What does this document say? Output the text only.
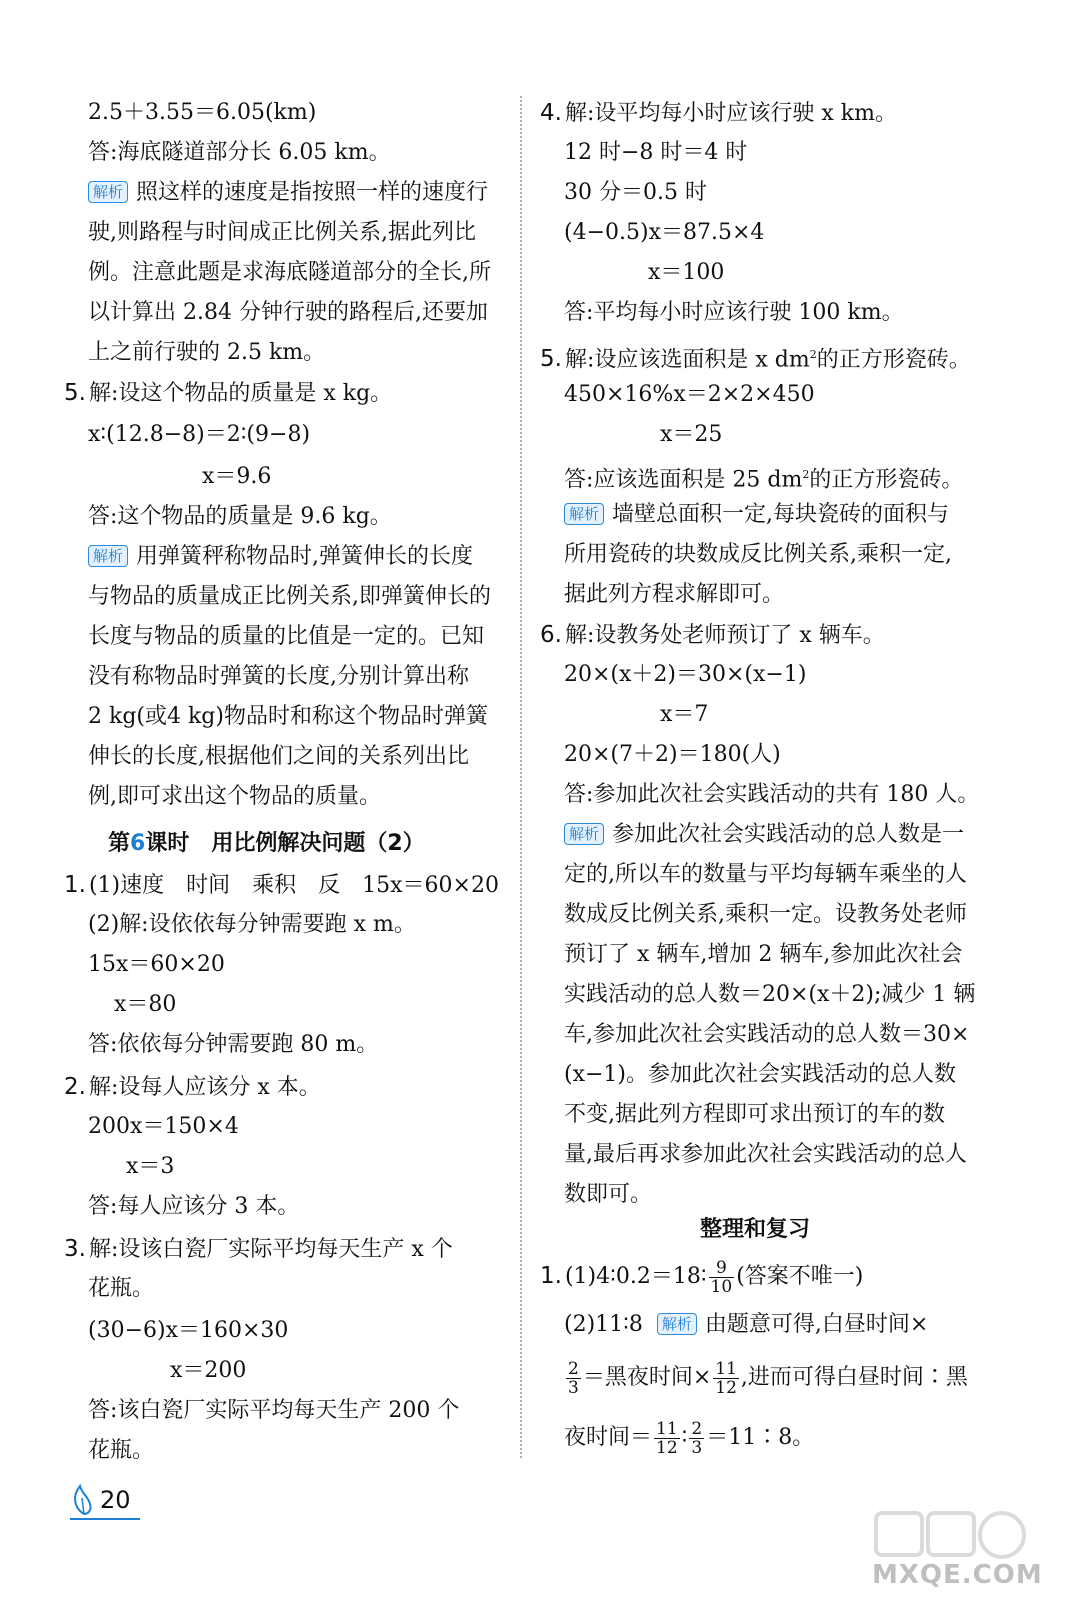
2.5＋3.55＝6.05(km)
答:海底隧道部分长 6.05 km。
解析 照这样的速度是指按照一样的速度行
驶,则路程与时间成正比例关系,据此列比
例。注意此题是求海底隧道部分的全长,所
以计算出 2.84 分钟行驶的路程后,还要加
上之前行驶的 2.5 km。
5. 解:设这个物品的质量是 x kg。
x∶(12.8−8)＝2∶(9−8)
x＝9.6
答:这个物品的质量是 9.6 kg。
解析 用弹簧秤称物品时,弹簧伸长的长度
与物品的质量成正比例关系,即弹簧伸长的
长度与物品的质量的比值是一定的。已知
没有称物品时弹簧的长度,分别计算出称
2 kg(或4 kg)物品时和称这个物品时弹簧
伸长的长度,根据他们之间的关系列出比
例,即可求出这个物品的质量。
第6课时　用比例解决问题（2）
1. (1)速度　时间　乘积　反　15x＝60×20
(2)解:设依依每分钟需要跑 x m。
15x＝60×20
x＝80
答:依依每分钟需要跑 80 m。
2. 解:设每人应该分 x 本。
200x＝150×4
x＝3
答:每人应该分 3 本。
3. 解:设该白瓷厂实际平均每天生产 x 个
花瓶。
(30−6)x＝160×30
x＝200
答:该白瓷厂实际平均每天生产 200 个
花瓶。
4. 解:设平均每小时应该行驶 x km。
12 时−8 时＝4 时
30 分＝0.5 时
(4−0.5)x＝87.5×4
x＝100
答:平均每小时应该行驶 100 km。
5. 解:设应该选面积是 x $dm^2$的正方形瓷砖。
450×16%x＝2×2×450
x＝25
答:应该选面积是 25 $dm^2$的正方形瓷砖。
解析 墙壁总面积一定,每块瓷砖的面积与
所用瓷砖的块数成反比例关系,乘积一定,
据此列方程求解即可。
6. 解:设教务处老师预订了 x 辆车。
20×(x＋2)＝30×(x−1)
x＝7
20×(7＋2)＝180(人)
答:参加此次社会实践活动的共有 180 人。
解析 参加此次社会实践活动的总人数是一
定的,所以车的数量与平均每辆车乘坐的人
数成反比例关系,乘积一定。设教务处老师
预订了 x 辆车,增加 2 辆车,参加此次社会
实践活动的总人数＝20×(x＋2);减少 1 辆
车,参加此次社会实践活动的总人数＝30×
(x−1)。参加此次社会实践活动的总人数
不变,据此列方程即可求出预订的车的数
量,最后再求参加此次社会实践活动的总人
数即可。
整理和复习
1. (1)4∶0.2＝18∶ $\frac{9}{10}$ (答案不唯一)
(2)11∶8 解析 由题意可得,白昼时间×
$\frac{2}{3}$ ＝黑夜时间× $\frac{11}{12}$ ,进而可得白昼时间∶黑
夜时间＝ $\frac{11}{12}$ ∶ $\frac{2}{3}$ ＝11∶8。
20
MXQE.COM
